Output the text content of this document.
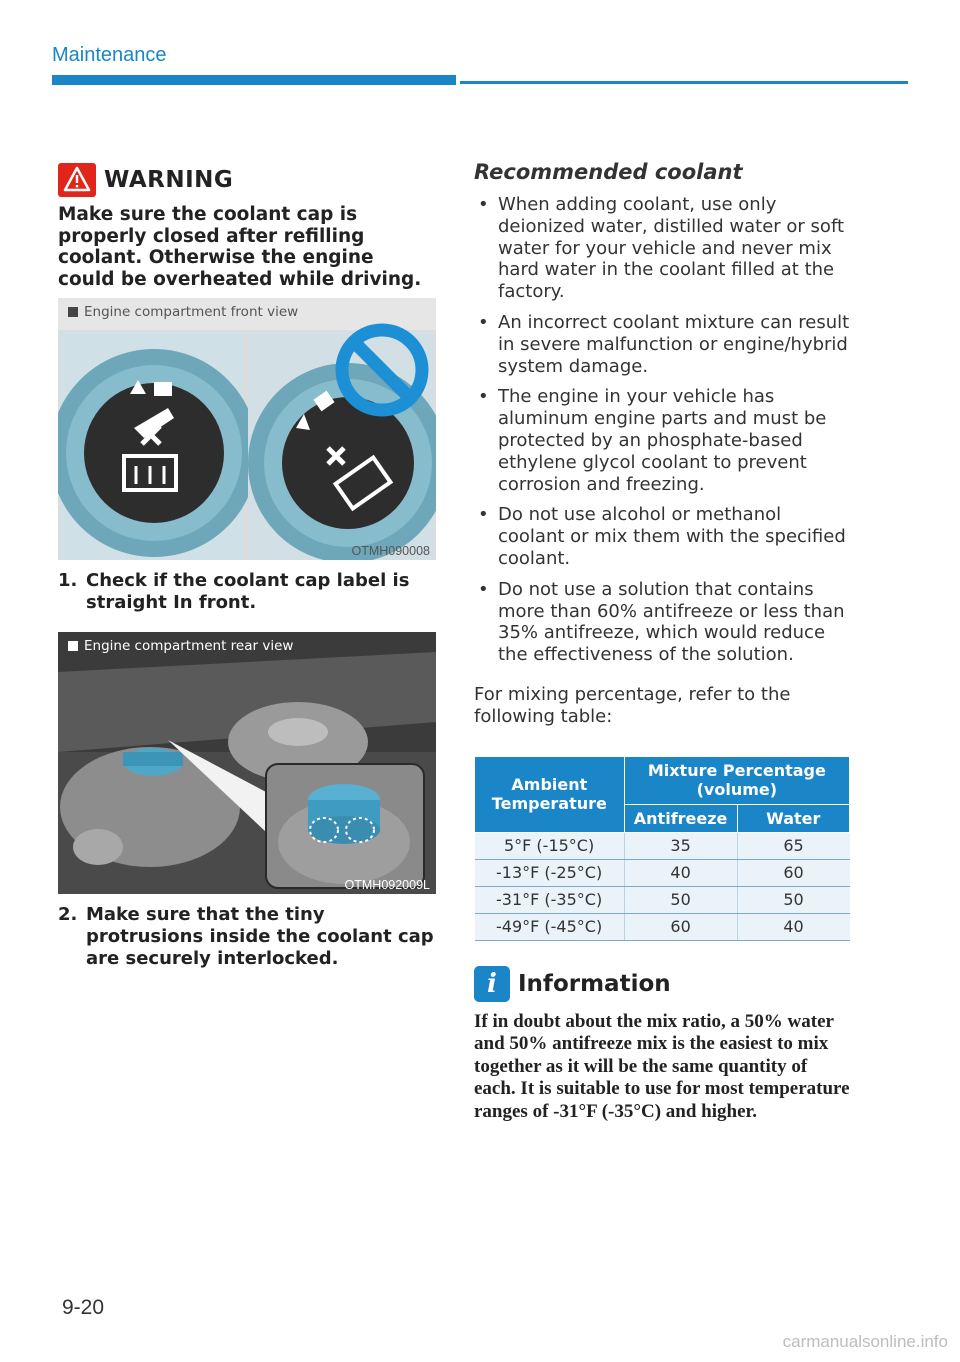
Maintenance
WARNING
Make sure the coolant cap is properly closed after refilling coolant. Otherwise the engine could be overheated while driving.
Engine compartment front view
OTMH090008
1. Check if the coolant cap label is straight In front.
Engine compartment rear view
OTMH092009L
2. Make sure that the tiny protrusions inside the coolant cap are securely interlocked.
Recommended coolant
• When adding coolant, use only deionized water, distilled water or soft water for your vehicle and never mix hard water in the coolant filled at the factory.
• An incorrect coolant mixture can result in severe malfunction or engine/hybrid system damage.
• The engine in your vehicle has aluminum engine parts and must be protected by an phosphate-based ethylene glycol coolant to prevent corrosion and freezing.
• Do not use alcohol or methanol coolant or mix them with the specified coolant.
• Do not use a solution that contains more than 60% antifreeze or less than 35% antifreeze, which would reduce the effectiveness of the solution.
For mixing percentage, refer to the following table:
Ambient Temperature	Mixture Percentage (volume)	
	Antifreeze	Water
5°F (-15°C)	35	65
-13°F (-25°C)	40	60
-31°F (-35°C)	50	50
-49°F (-45°C)	60	40
i Information
If in doubt about the mix ratio, a 50% water and 50% antifreeze mix is the easiest to mix together as it will be the same quantity of each. It is suitable to use for most temperature ranges of -31°F (-35°C) and higher.
9-20
carmanualsonline.info
